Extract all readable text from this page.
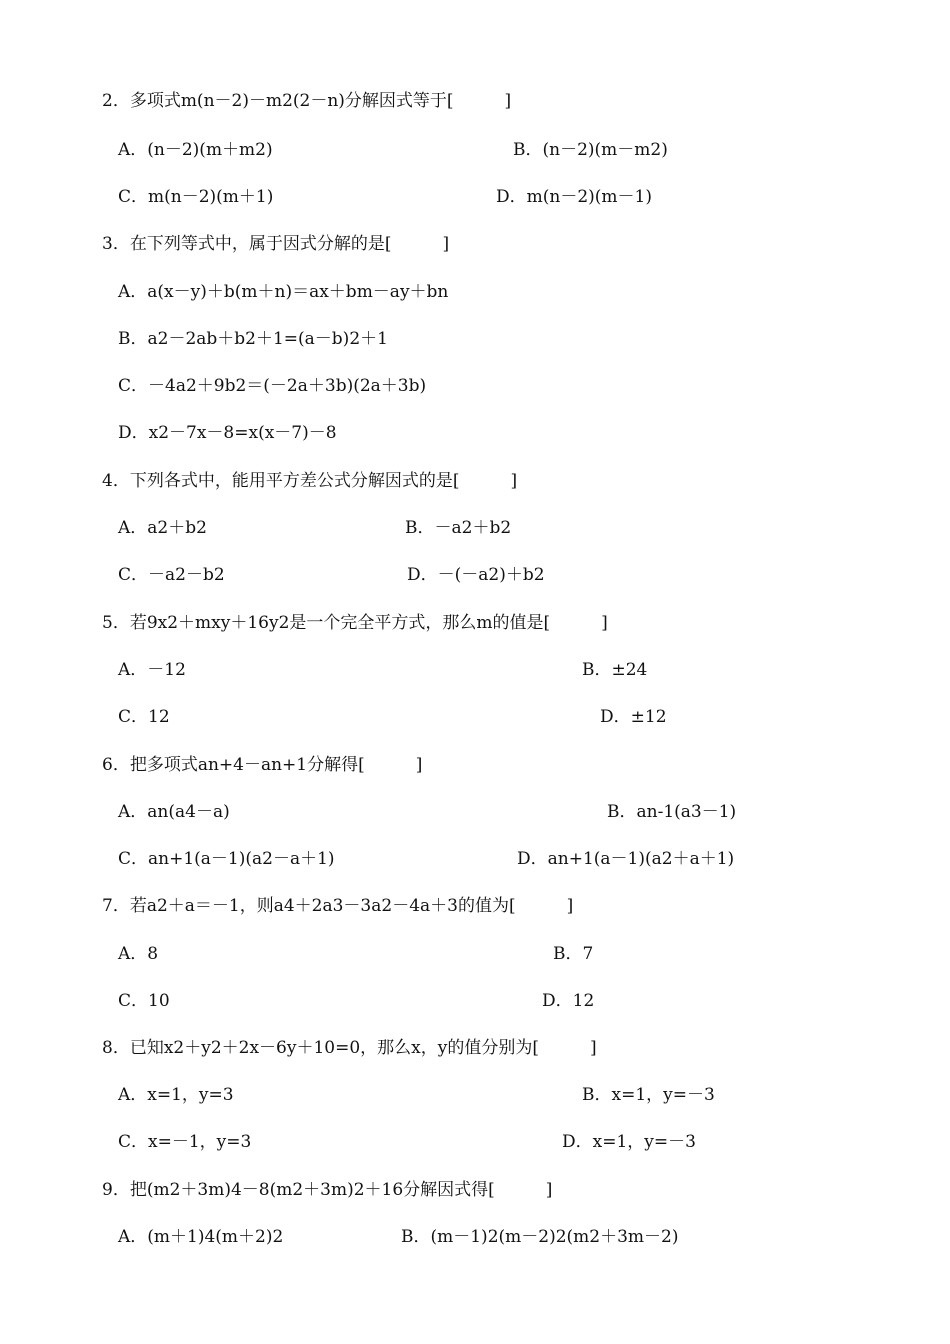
2．多项式m(n－2)－m2(2－n)分解因式等于[　　　]
A．(n－2)(m＋m2)	B．(n－2)(m－m2)
C．m(n－2)(m＋1)	D．m(n－2)(m－1)
3．在下列等式中，属于因式分解的是[　　　]
A．a(x－y)＋b(m＋n)＝ax＋bm－ay＋bn
B．a2－2ab＋b2＋1=(a－b)2＋1
C．－4a2＋9b2＝(－2a＋3b)(2a＋3b)
D．x2－7x－8=x(x－7)－8
4．下列各式中，能用平方差公式分解因式的是[　　　]
A．a2＋b2	B．－a2＋b2
C．－a2－b2	D．－(－a2)＋b2
5．若9x2＋mxy＋16y2是一个完全平方式，那么m的值是[　　　]
A．－12	B．±24
C．12	D．±12
6．把多项式an+4－an+1分解得[　　　]
A．an(a4－a)	B．an-1(a3－1)
C．an+1(a－1)(a2－a＋1)	D．an+1(a－1)(a2＋a＋1)
7．若a2＋a＝－1，则a4＋2a3－3a2－4a＋3的值为[　　　]
A．8	B．7
C．10	D．12
8．已知x2＋y2＋2x－6y＋10=0，那么x，y的值分别为[　　　]
A．x=1，y=3	B．x=1，y=－3
C．x=－1，y=3	D．x=1，y=－3
9．把(m2＋3m)4－8(m2＋3m)2＋16分解因式得[　　　]
A．(m＋1)4(m＋2)2	B．(m－1)2(m－2)2(m2＋3m－2)
